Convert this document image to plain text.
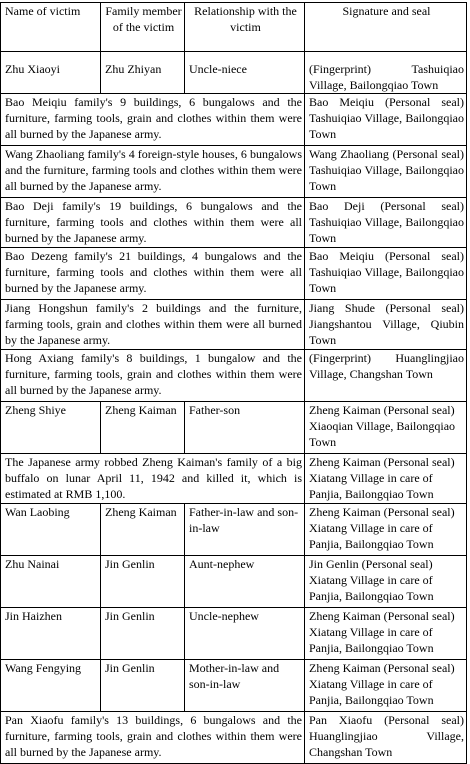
Name of victim	Family member of the victim	Relationship with the victim	Signature and seal
Zhu Xiaoyi	Zhu Zhiyan	Uncle-niece	(Fingerprint) Tashuiqiao Village, Bailongqiao Town
Bao Meiqiu family's 9 buildings, 6 bungalows and the furniture, farming tools, grain and clothes within them were all burned by the Japanese army.			Bao Meiqiu (Personal seal) Tashuiqiao Village, Bailongqiao Town
Wang Zhaoliang family's 4 foreign-style houses, 6 bungalows and the furniture, farming tools and clothes within them were all burned by the Japanese army.			Wang Zhaoliang (Personal seal) Tashuiqiao Village, Bailongqiao Town
Bao Deji family's 19 buildings, 6 bungalows and the furniture, farming tools and clothes within them were all burned by the Japanese army.			Bao Deji (Personal seal) Tashuiqiao Village, Bailongqiao Town
Bao Dezeng family's 21 buildings, 4 bungalows and the furniture, farming tools and clothes within them were all burned by the Japanese army.			Bao Meiqiu (Personal seal) Tashuiqiao Village, Bailongqiao Town
Jiang Hongshun family's 2 buildings and the furniture, farming tools, grain and clothes within them were all burned by the Japanese army.			Jiang Shude (Personal seal) Jiangshantou Village, Qiubin Town
Hong Axiang family's 8 buildings, 1 bungalow and the furniture, farming tools, grain and clothes within them were all burned by the Japanese army.			(Fingerprint) Huanglingjiao Village, Changshan Town
Zheng Shiye	Zheng Kaiman	Father-son	Zheng Kaiman (Personal seal) Xiaoqian Village, Bailongqiao Town
The Japanese army robbed Zheng Kaiman's family of a big buffalo on lunar April 11, 1942 and killed it, which is estimated at RMB 1,100.			Zheng Kaiman (Personal seal) Xiatang Village in care of Panjia, Bailongqiao Town
Wan Laobing	Zheng Kaiman	Father-in-law and son-in-law	Zheng Kaiman (Personal seal) Xiatang Village in care of Panjia, Bailongqiao Town
Zhu Nainai	Jin Genlin	Aunt-nephew	Jin Genlin (Personal seal) Xiatang Village in care of Panjia, Bailongqiao Town
Jin Haizhen	Jin Genlin	Uncle-nephew	Zheng Kaiman (Personal seal) Xiatang Village in care of Panjia, Bailongqiao Town
Wang Fengying	Jin Genlin	Mother-in-law and son-in-law	Zheng Kaiman (Personal seal) Xiatang Village in care of Panjia, Bailongqiao Town
Pan Xiaofu family's 13 buildings, 6 bungalows and the furniture, farming tools, grain and clothes within them were all burned by the Japanese army.			Pan Xiaofu (Personal seal) Huanglingjiao Village, Changshan Town
